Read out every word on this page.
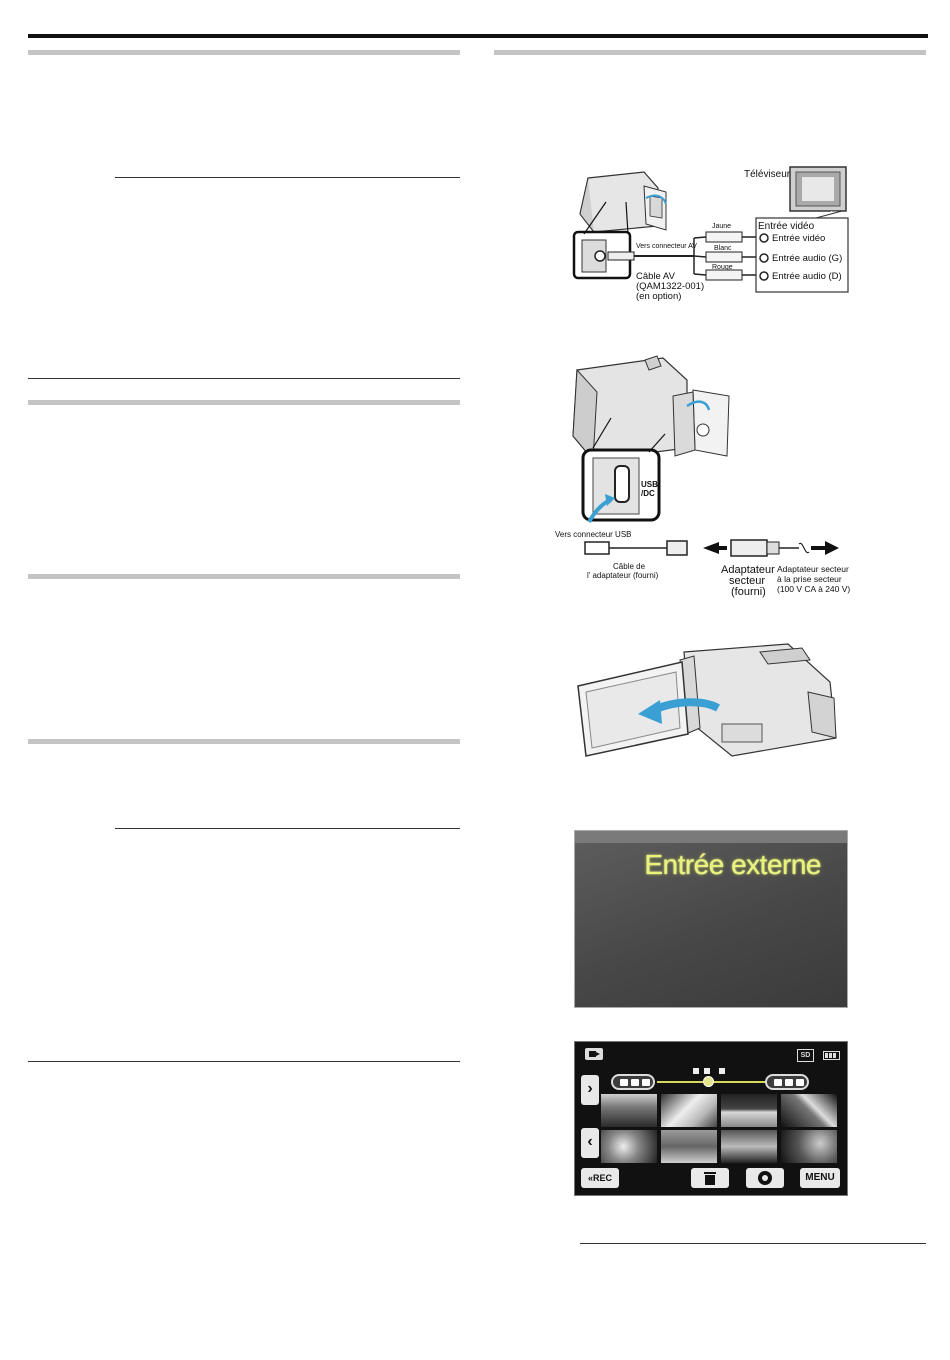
Téléviseur
Entrée vidéo
Entrée vidéo
Entrée audio (G)
Entrée audio (D)
Jaune
Blanc
Rouge
Vers connecteur AV
Câble AV
(QAM1322-001)
(en option)
USB
/DC
Vers connecteur USB
Câble de
l’ adaptateur (fourni)	Adaptateur
secteur
(fourni)
Adaptateur secteur
à la prise secteur
(100 V CA à 240 V)
Entrée externe
SD
›
‹
«REC	MENU
